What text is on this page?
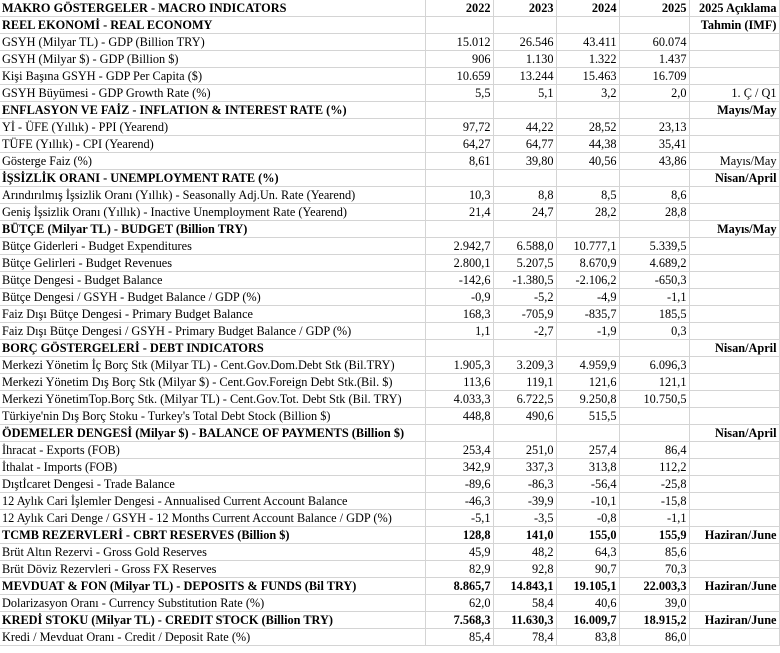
MAKRO GÖSTERGELER - MACRO INDICATORS	2022	2023	2024	2025	2025 Açıklama
REEL EKONOMİ - REAL ECONOMY					Tahmin (IMF)
GSYH (Milyar TL) - GDP (Billion TRY)	15.012	26.546	43.411	60.074	
GSYH (Milyar $) - GDP (Billion $)	906	1.130	1.322	1.437	
Kişi Başına GSYH - GDP Per Capita ($)	10.659	13.244	15.463	16.709	
GSYH Büyümesi - GDP Growth Rate (%)	5,5	5,1	3,2	2,0	1. Ç / Q1
ENFLASYON VE FAİZ - INFLATION & INTEREST RATE (%)					Mayıs/May
Yİ - ÜFE (Yıllık) - PPI (Yearend)	97,72	44,22	28,52	23,13	
TÜFE (Yıllık) - CPI (Yearend)	64,27	64,77	44,38	35,41	
Gösterge Faiz (%)	8,61	39,80	40,56	43,86	Mayıs/May
İŞSİZLİK ORANI - UNEMPLOYMENT RATE (%)					Nisan/April
Arındırılmış İşsizlik Oranı (Yıllık) - Seasonally Adj.Un. Rate (Yearend)	10,3	8,8	8,5	8,6	
Geniş İşsizlik Oranı (Yıllık) - Inactive Unemployment Rate (Yearend)	21,4	24,7	28,2	28,8	
BÜTÇE (Milyar TL) - BUDGET (Billion TRY)					Mayıs/May
Bütçe Giderleri - Budget Expenditures	2.942,7	6.588,0	10.777,1	5.339,5	
Bütçe Gelirleri - Budget Revenues	2.800,1	5.207,5	8.670,9	4.689,2	
Bütçe Dengesi - Budget Balance	-142,6	-1.380,5	-2.106,2	-650,3	
Bütçe Dengesi / GSYH - Budget Balance / GDP (%)	-0,9	-5,2	-4,9	-1,1	
Faiz Dışı Bütçe Dengesi - Primary Budget Balance	168,3	-705,9	-835,7	185,5	
Faiz Dışı Bütçe Dengesi / GSYH - Primary Budget Balance / GDP (%)	1,1	-2,7	-1,9	0,3	
BORÇ GÖSTERGELERİ - DEBT INDICATORS					Nisan/April
Merkezi Yönetim İç Borç Stk (Milyar TL) - Cent.Gov.Dom.Debt Stk (Bil.TRY)	1.905,3	3.209,3	4.959,9	6.096,3	
Merkezi Yönetim Dış Borç Stk (Milyar $) - Cent.Gov.Foreign Debt Stk.(Bil. $)	113,6	119,1	121,6	121,1	
Merkezi YönetimTop.Borç Stk. (Milyar TL) - Cent.Gov.Tot. Debt Stk (Bil. TRY)	4.033,3	6.722,5	9.250,8	10.750,5	
Türkiye'nin Dış Borç Stoku - Turkey's Total Debt Stock (Billion $)	448,8	490,6	515,5		
ÖDEMELER DENGESİ (Milyar $) - BALANCE OF PAYMENTS (Billion $)					Nisan/April
İhracat - Exports (FOB)	253,4	251,0	257,4	86,4	
İthalat - Imports (FOB)	342,9	337,3	313,8	112,2	
Dıştİcaret Dengesi - Trade Balance	-89,6	-86,3	-56,4	-25,8	
12 Aylık Cari İşlemler Dengesi - Annualised Current Account Balance	-46,3	-39,9	-10,1	-15,8	
12 Aylık Cari Denge / GSYH - 12 Months Current Account Balance / GDP (%)	-5,1	-3,5	-0,8	-1,1	
TCMB REZERVLERİ - CBRT RESERVES (Billion $)	128,8	141,0	155,0	155,9	Haziran/June
Brüt Altın Rezervi - Gross Gold Reserves	45,9	48,2	64,3	85,6	
Brüt Döviz Rezervleri - Gross FX Reserves	82,9	92,8	90,7	70,3	
MEVDUAT & FON (Milyar TL) - DEPOSITS & FUNDS (Bil TRY)	8.865,7	14.843,1	19.105,1	22.003,3	Haziran/June
Dolarizasyon Oranı - Currency Substitution Rate (%)	62,0	58,4	40,6	39,0	
KREDİ STOKU (Milyar TL) - CREDIT STOCK (Billion TRY)	7.568,3	11.630,3	16.009,7	18.915,2	Haziran/June
Kredi / Mevduat Oranı - Credit / Deposit Rate (%)	85,4	78,4	83,8	86,0	
